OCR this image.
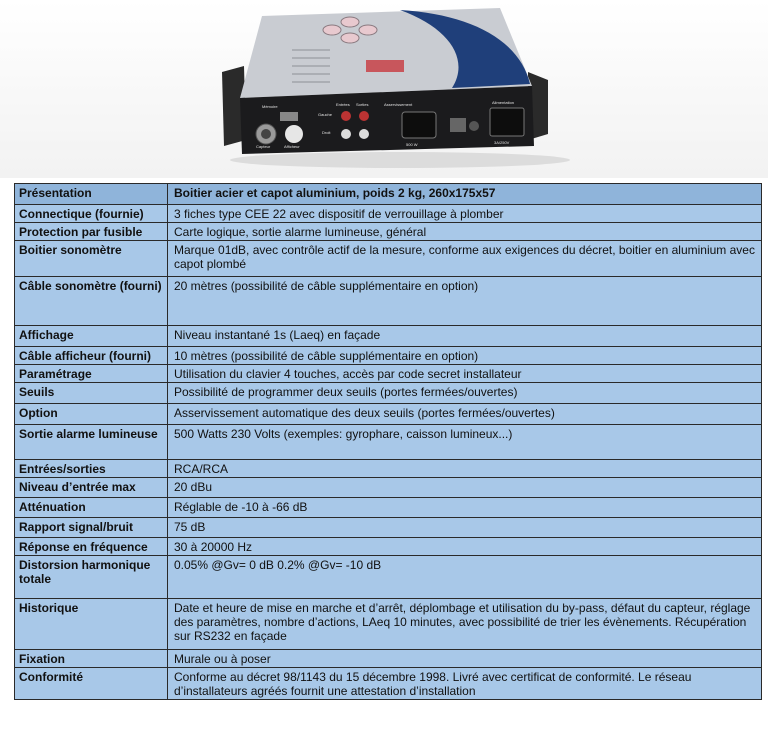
Mémoire
Capteur	Afficheur
Entrées Sorties
Gauche
Droit
Asservissement
500 W
Alimentation
3A/250V
Présentation	Boitier acier et capot aluminium, poids 2 kg, 260x175x57
Connectique (fournie)	3 fiches type CEE 22 avec dispositif de verrouillage à plomber
Protection par fusible	Carte logique, sortie alarme lumineuse, général
Boitier sonomètre	Marque 01dB, avec contrôle actif de la mesure, conforme aux exigences du décret, boitier en aluminium avec capot plombé
Câble sonomètre (fourni)	20 mètres (possibilité de câble supplémentaire en option)
Affichage	Niveau instantané 1s (Laeq) en façade
Câble afficheur (fourni)	10 mètres (possibilité de câble supplémentaire en option)
Paramétrage	Utilisation du clavier 4 touches, accès par code secret installateur
Seuils	Possibilité de programmer deux seuils (portes fermées/ouvertes)
Option	Asservissement automatique des deux seuils (portes fermées/ouvertes)
Sortie alarme lumineuse	500 Watts 230 Volts (exemples: gyrophare, caisson lumineux...)
Entrées/sorties	RCA/RCA
Niveau d’entrée max	20 dBu
Atténuation	Réglable de -10 à -66 dB
Rapport signal/bruit	75 dB
Réponse en fréquence	30 à 20000 Hz
Distorsion harmonique totale	0.05% @Gv= 0 dB 0.2% @Gv= -10 dB
Historique	Date et heure de mise en marche et d’arrêt, déplombage et utilisation du by-pass, défaut du capteur, réglage des paramètres, nombre d’actions, LAeq 10 minutes, avec possibilité de trier les évènements. Récupération sur RS232 en façade
Fixation	Murale ou à poser
Conformité	Conforme au décret 98/1143 du 15 décembre 1998. Livré avec certificat de conformité. Le réseau d’installateurs agréés fournit une attestation d’installation
